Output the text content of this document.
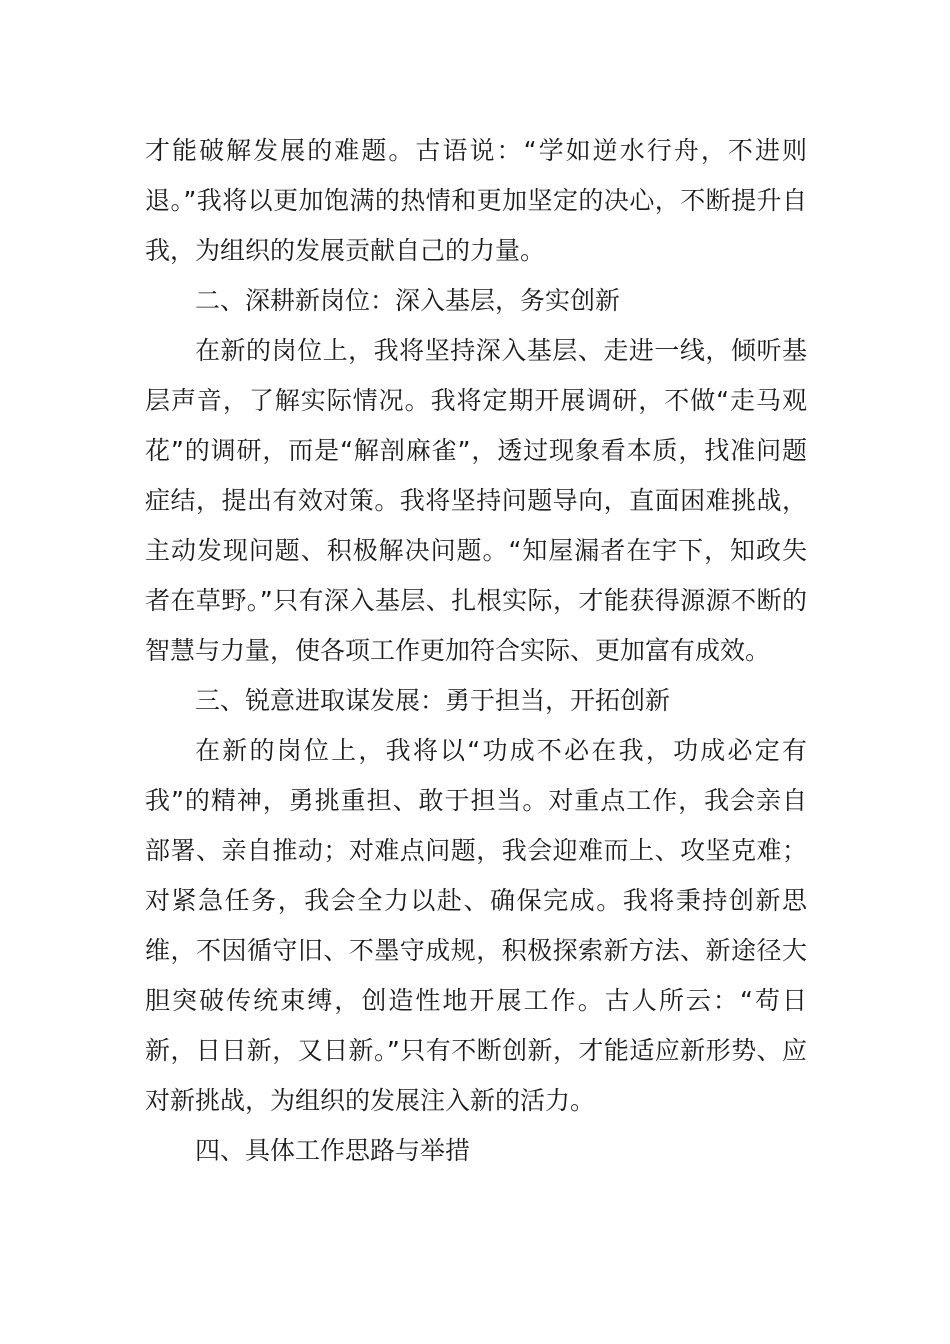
才能破解发展的难题。古语说：“学如逆水行舟，不进则退。”我将以更加饱满的热情和更加坚定的决心，不断提升自我，为组织的发展贡献自己的力量。

二、深耕新岗位：深入基层，务实创新

在新的岗位上，我将坚持深入基层、走进一线，倾听基层声音，了解实际情况。我将定期开展调研，不做“走马观花”的调研，而是“解剖麻雀”，透过现象看本质，找准问题症结，提出有效对策。我将坚持问题导向，直面困难挑战，主动发现问题、积极解决问题。“知屋漏者在宇下，知政失者在草野。”只有深入基层、扎根实际，才能获得源源不断的智慧与力量，使各项工作更加符合实际、更加富有成效。

三、锐意进取谋发展：勇于担当，开拓创新

在新的岗位上，我将以“功成不必在我，功成必定有我”的精神，勇挑重担、敢于担当。对重点工作，我会亲自部署、亲自推动；对难点问题，我会迎难而上、攻坚克难；对紧急任务，我会全力以赴、确保完成。我将秉持创新思维，不因循守旧、不墨守成规，积极探索新方法、新途径大胆突破传统束缚，创造性地开展工作。古人所云：“苟日新，日日新，又日新。”只有不断创新，才能适应新形势、应对新挑战，为组织的发展注入新的活力。

四、具体工作思路与举措
